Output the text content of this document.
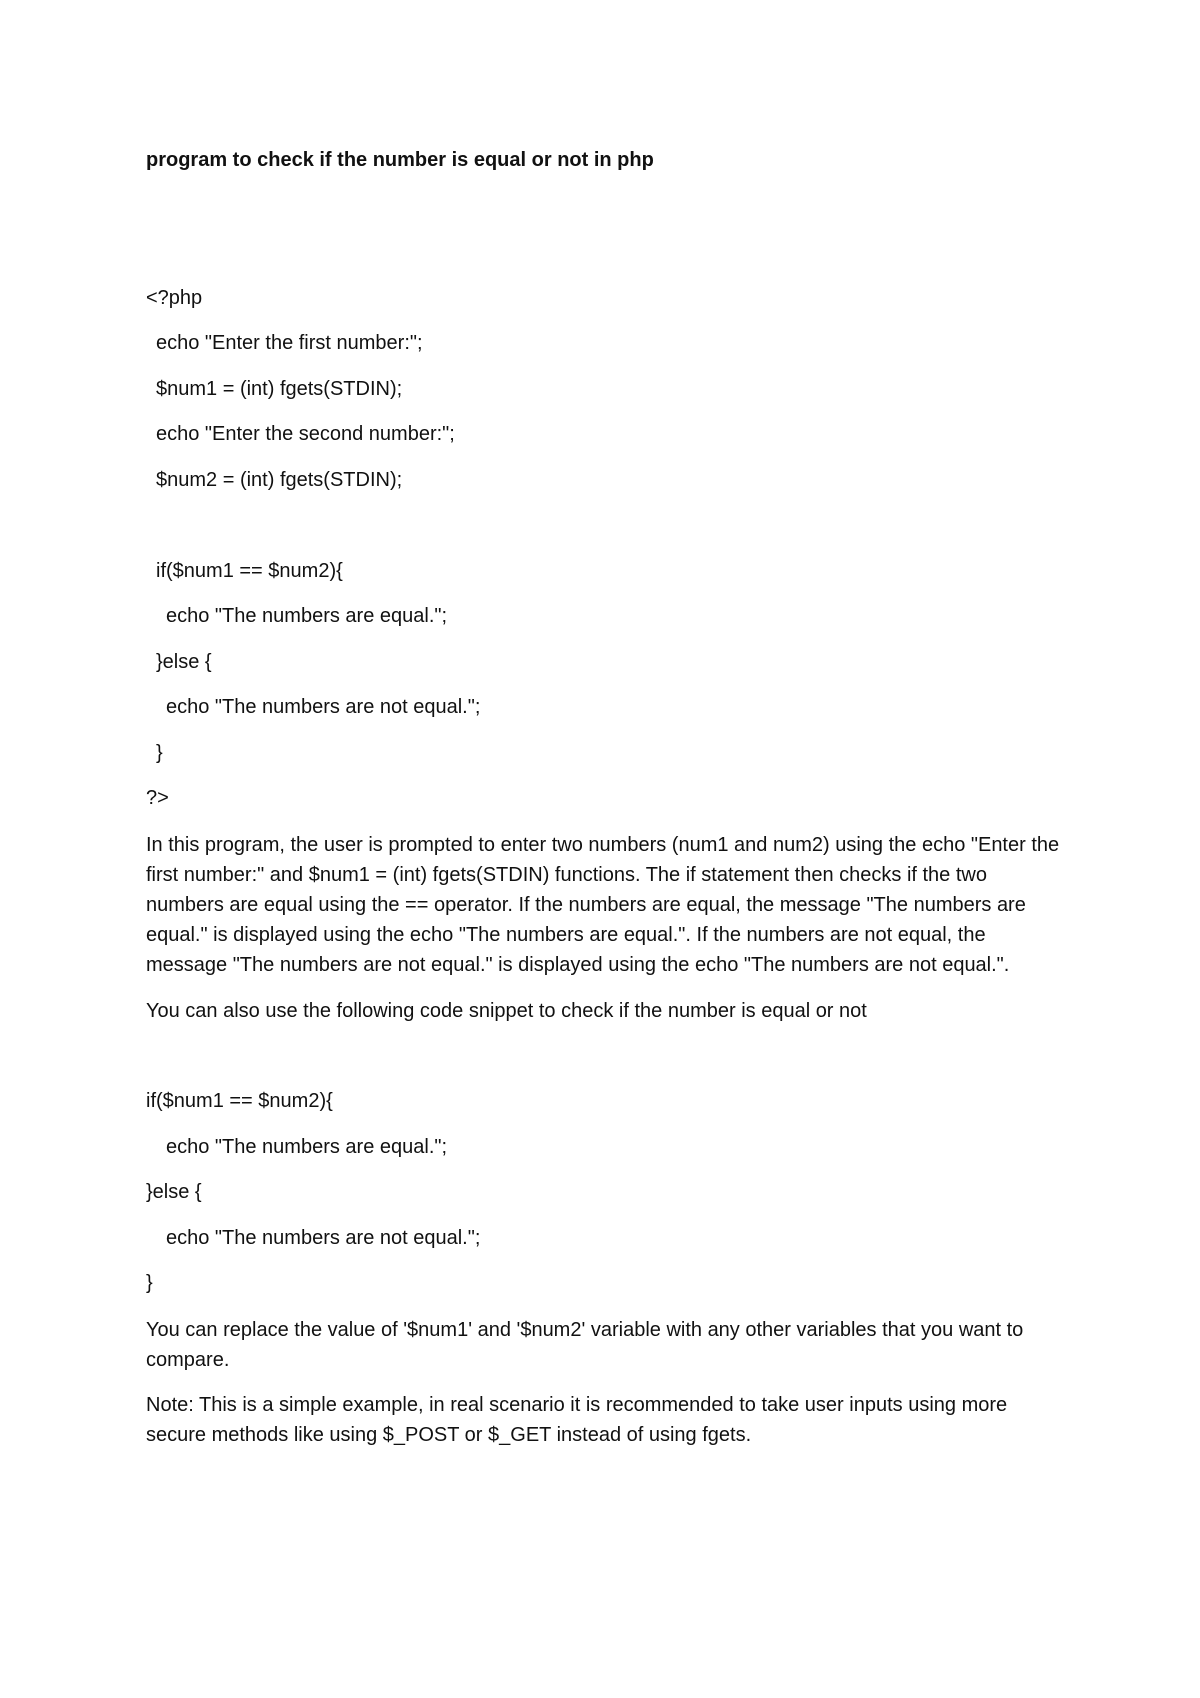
program to check if the number is equal or not in php
<?php
echo "Enter the first number:";
$num1 = (int) fgets(STDIN);
echo "Enter the second number:";
$num2 = (int) fgets(STDIN);
if($num1 == $num2){
echo "The numbers are equal.";
}else {
echo "The numbers are not equal.";
}
?>
In this program, the user is prompted to enter two numbers (num1 and num2) using the echo "Enter the first number:" and $num1 = (int) fgets(STDIN) functions. The if statement then checks if the two numbers are equal using the == operator. If the numbers are equal, the message "The numbers are equal." is displayed using the echo "The numbers are equal.". If the numbers are not equal, the message "The numbers are not equal." is displayed using the echo "The numbers are not equal.".
You can also use the following code snippet to check if the number is equal or not
if($num1 == $num2){
echo "The numbers are equal.";
}else {
echo "The numbers are not equal.";
}
You can replace the value of '$num1' and '$num2' variable with any other variables that you want to compare.
Note: This is a simple example, in real scenario it is recommended to take user inputs using more secure methods like using $_POST or $_GET instead of using fgets.
